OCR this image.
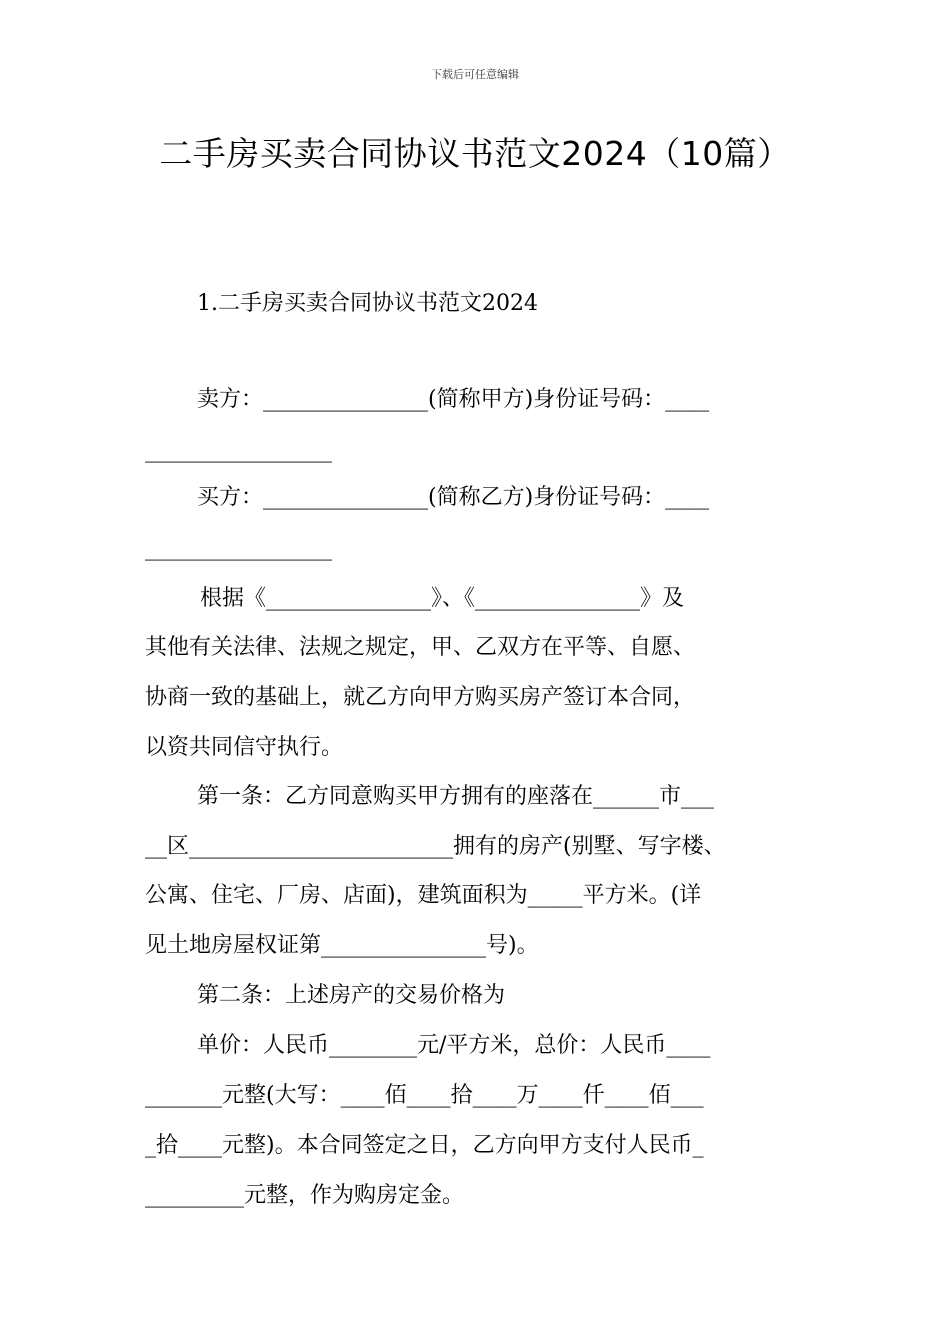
下载后可任意编辑
二手房买卖合同协议书范文2024（10篇）
1.二手房买卖合同协议书范文2024
卖方：_______________(简称甲方)身份证号码：____
_________________
买方：_______________(简称乙方)身份证号码：____
_________________
根据《_______________》、《_______________》及
其他有关法律、法规之规定，甲、乙双方在平等、自愿、
协商一致的基础上，就乙方向甲方购买房产签订本合同，
以资共同信守执行。
第一条：乙方同意购买甲方拥有的座落在______市___
__区________________________拥有的房产(别墅、写字楼、
公寓、住宅、厂房、店面)，建筑面积为_____平方米。(详
见土地房屋权证第_______________号)。
第二条：上述房产的交易价格为
单价：人民币________元/平方米，总价：人民币____
_______元整(大写：____佰____拾____万____仟____佰___
_拾____元整)。本合同签定之日，乙方向甲方支付人民币_
_________元整，作为购房定金。
